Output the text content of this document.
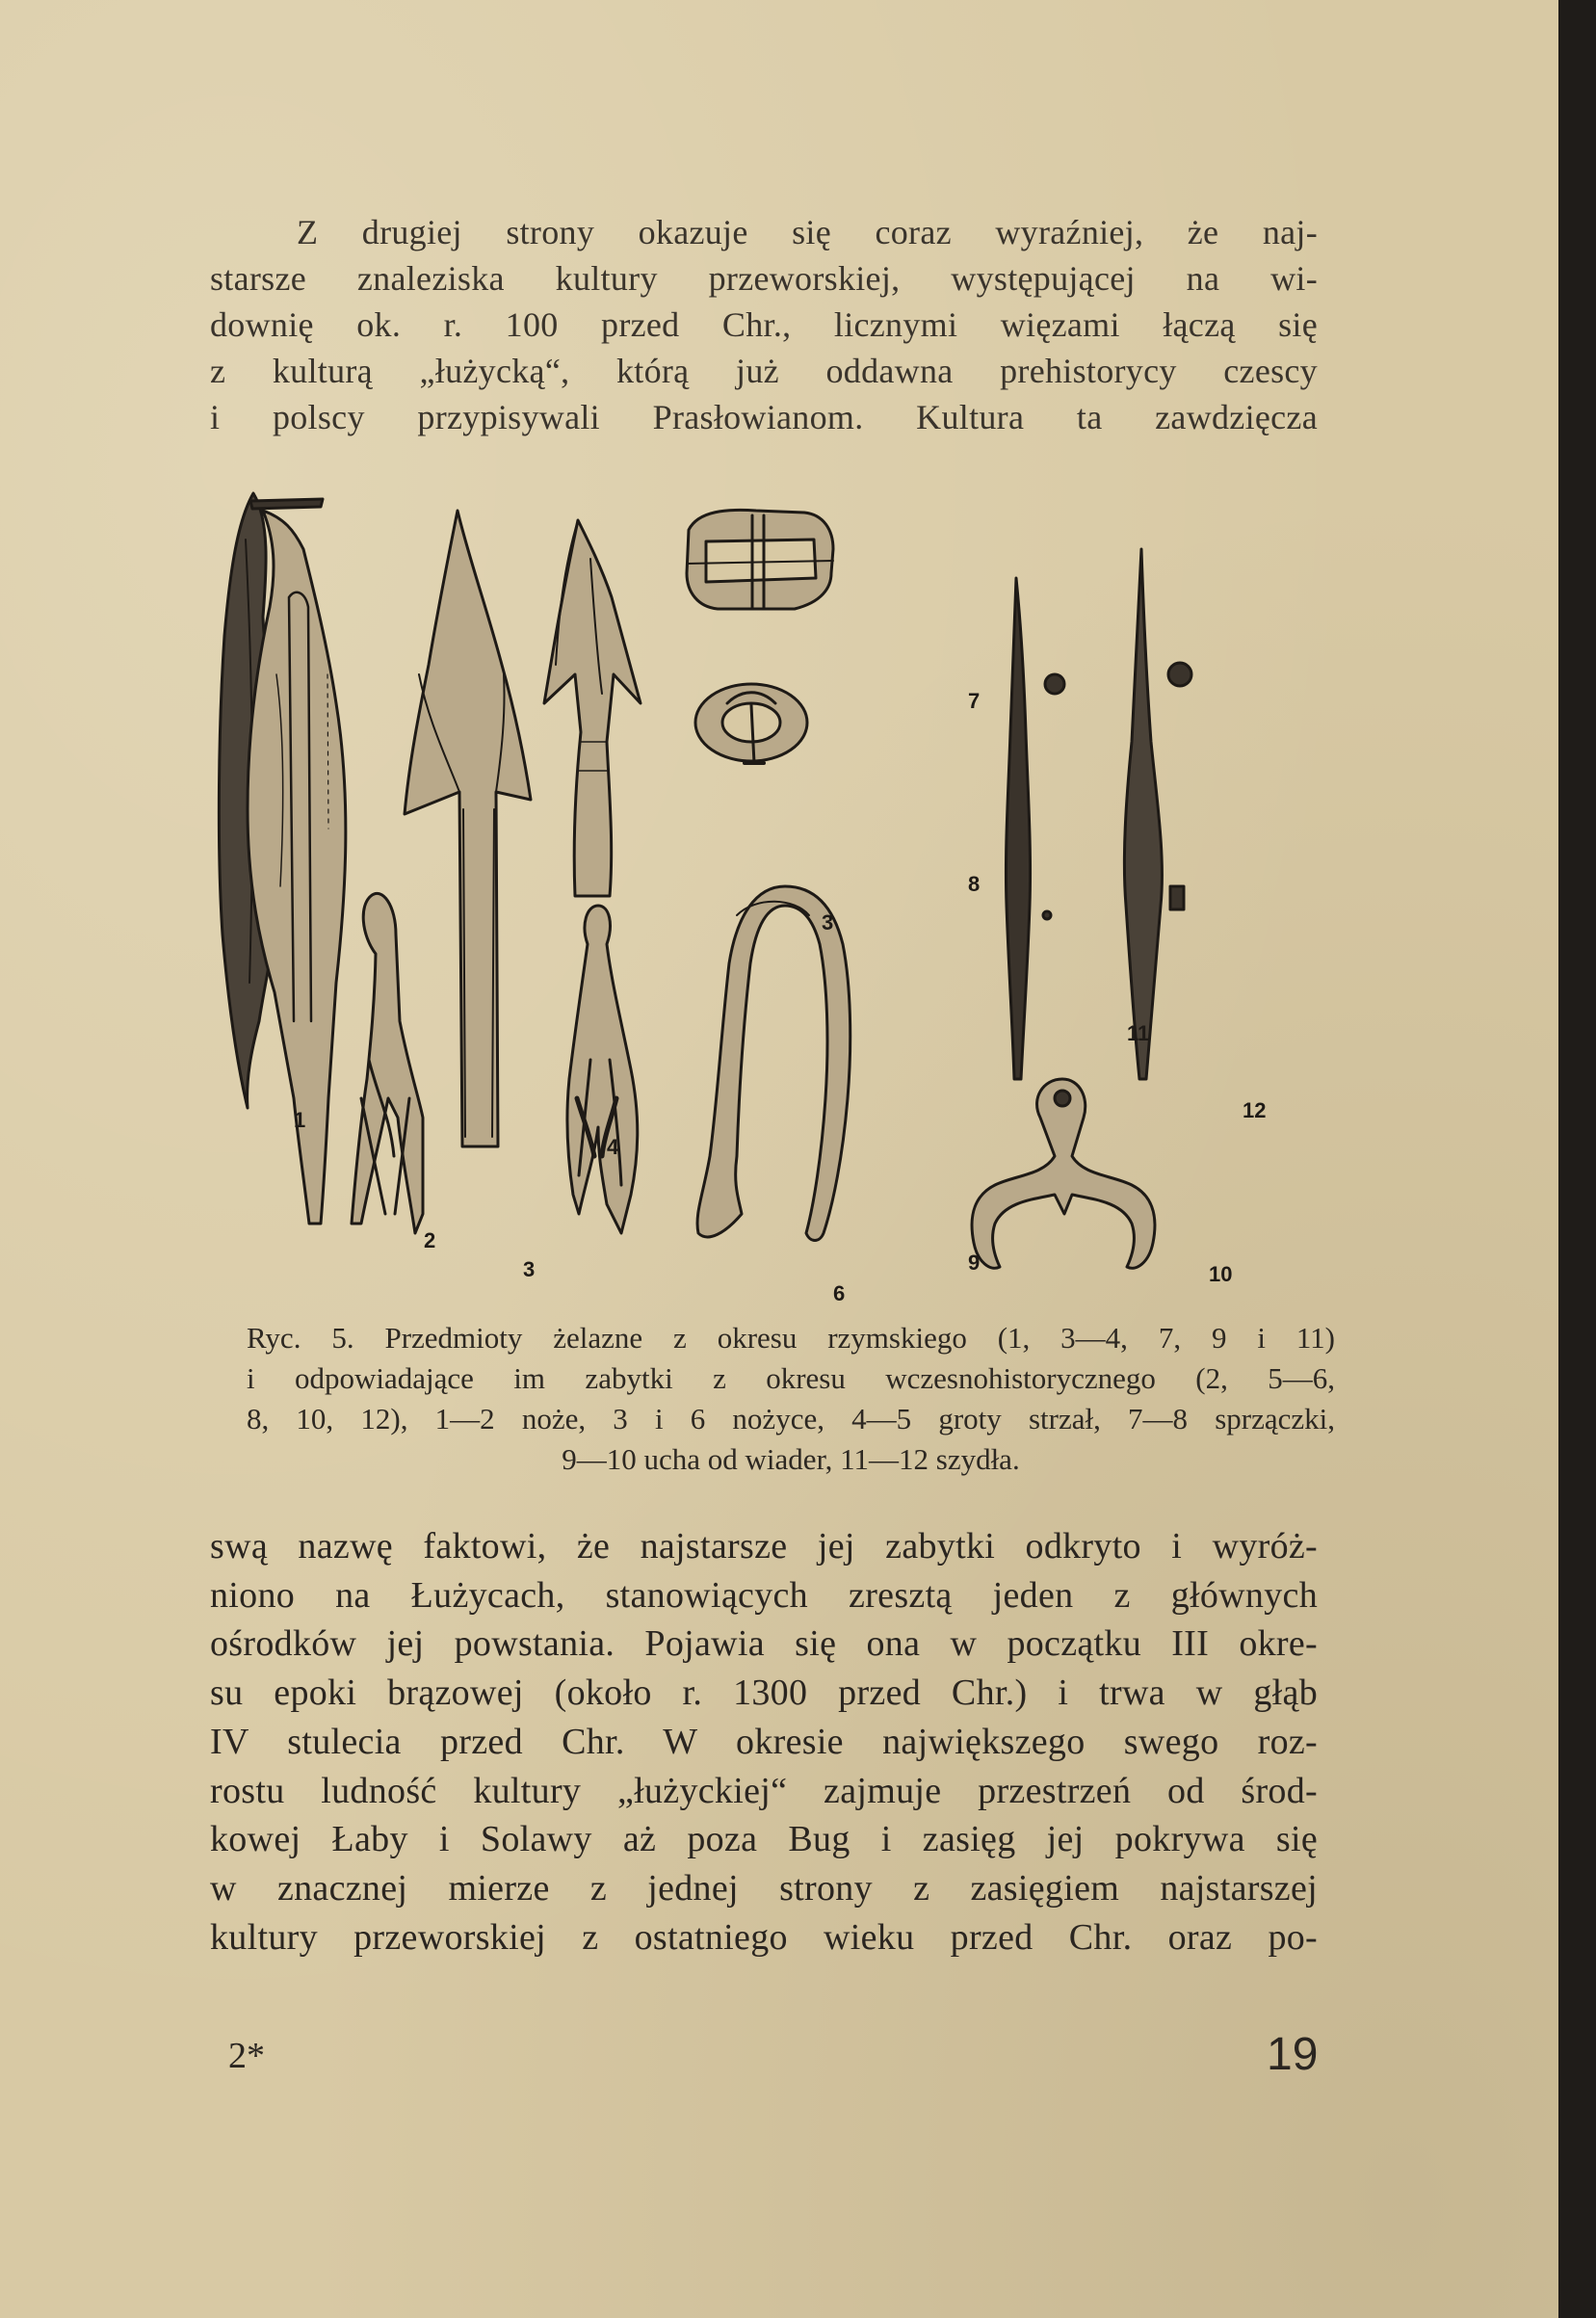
Z drugiej strony okazuje się coraz wyraźniej, że naj-
starsze znaleziska kultury przeworskiej, występującej na wi-
downię ok. r. 100 przed Chr., licznymi więzami łączą się
z kulturą „łużycką“, którą już oddawna prehistorycy czescy
i polscy przypisywali Prasłowianom. Kultura ta zawdzięcza
1
2
3
4
3
7
8
11
12
6
9	10
Ryc. 5. Przedmioty żelazne z okresu rzymskiego (1, 3—4, 7, 9 i 11)
i odpowiadające im zabytki z okresu wczesnohistorycznego (2, 5—6,
8, 10, 12), 1—2 noże, 3 i 6 nożyce, 4—5 groty strzał, 7—8 sprzączki,
9—10 ucha od wiader, 11—12 szydła.
swą nazwę faktowi, że najstarsze jej zabytki odkryto i wyróż-
niono na Łużycach, stanowiących zresztą jeden z głównych
ośrodków jej powstania. Pojawia się ona w początku III okre-
su epoki brązowej (około r. 1300 przed Chr.) i trwa w głąb
IV stulecia przed Chr. W okresie największego swego roz-
rostu ludność kultury „łużyckiej“ zajmuje przestrzeń od środ-
kowej Łaby i Solawy aż poza Bug i zasięg jej pokrywa się
w znacznej mierze z jednej strony z zasięgiem najstarszej
kultury przeworskiej z ostatniego wieku przed Chr. oraz po-
2*	19
